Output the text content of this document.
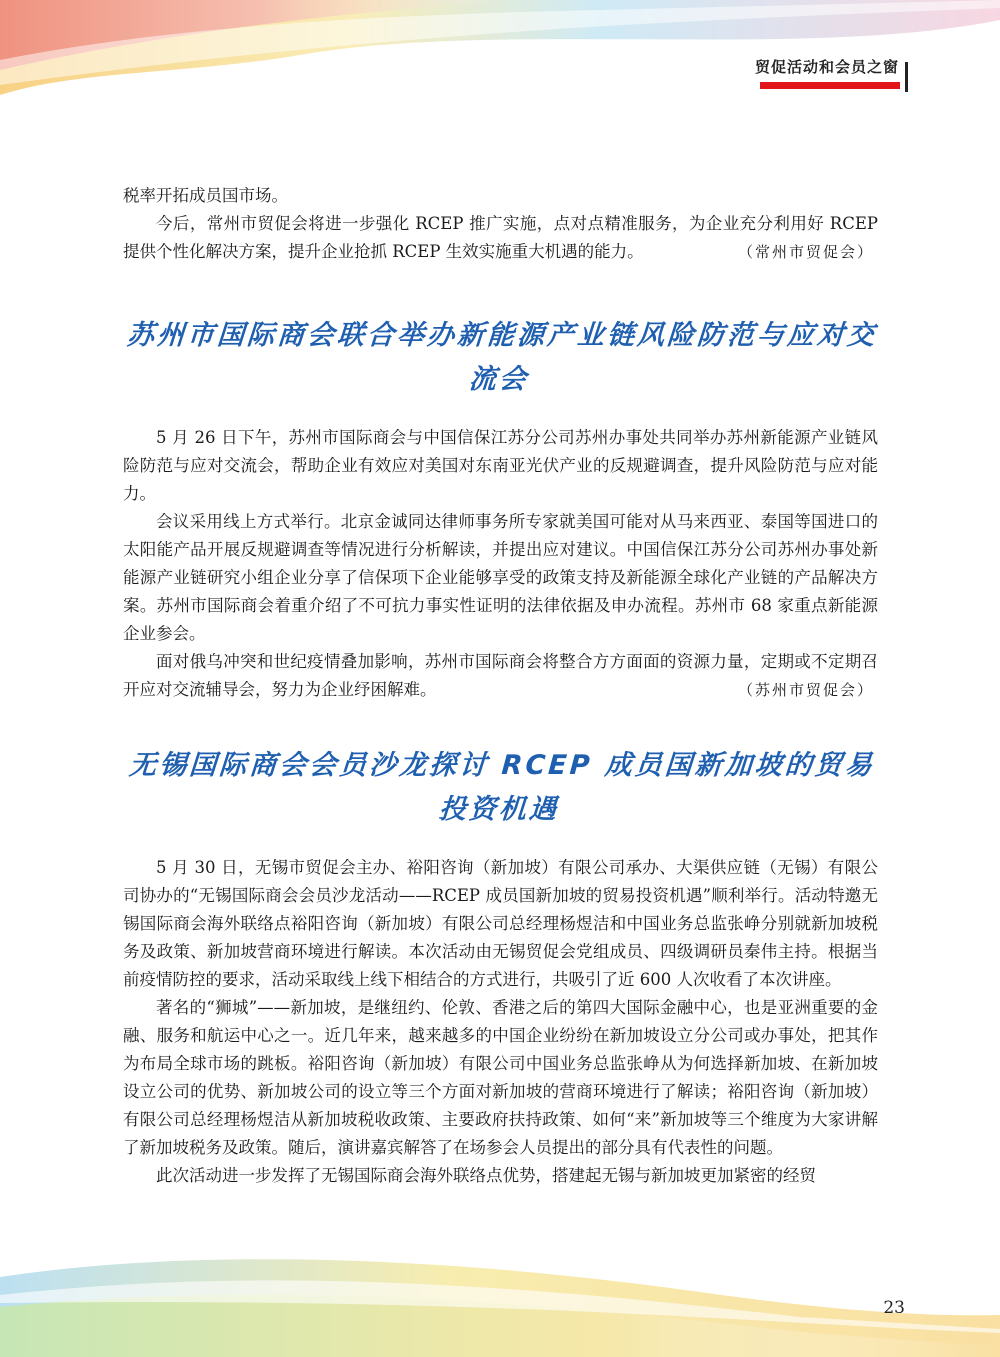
贸促活动和会员之窗

税率开拓成员国市场。

今后，常州市贸促会将进一步强化 RCEP 推广实施，点对点精准服务，为企业充分利用好 RCEP 提供个性化解决方案，提升企业抢抓 RCEP 生效实施重大机遇的能力。	（常州市贸促会）

苏州市国际商会联合举办新能源产业链风险防范与应对交流会

5 月 26 日下午，苏州市国际商会与中国信保江苏分公司苏州办事处共同举办苏州新能源产业链风险防范与应对交流会，帮助企业有效应对美国对东南亚光伏产业的反规避调查，提升风险防范与应对能力。

会议采用线上方式举行。北京金诚同达律师事务所专家就美国可能对从马来西亚、泰国等国进口的太阳能产品开展反规避调查等情况进行分析解读，并提出应对建议。中国信保江苏分公司苏州办事处新能源产业链研究小组企业分享了信保项下企业能够享受的政策支持及新能源全球化产业链的产品解决方案。苏州市国际商会着重介绍了不可抗力事实性证明的法律依据及申办流程。苏州市 68 家重点新能源企业参会。

面对俄乌冲突和世纪疫情叠加影响，苏州市国际商会将整合方方面面的资源力量，定期或不定期召开应对交流辅导会，努力为企业纾困解难。	（苏州市贸促会）

无锡国际商会会员沙龙探讨 RCEP 成员国新加坡的贸易投资机遇

5 月 30 日，无锡市贸促会主办、裕阳咨询（新加坡）有限公司承办、大渠供应链（无锡）有限公司协办的“无锡国际商会会员沙龙活动——RCEP 成员国新加坡的贸易投资机遇”顺利举行。活动特邀无锡国际商会海外联络点裕阳咨询（新加坡）有限公司总经理杨煜洁和中国业务总监张峥分别就新加坡税务及政策、新加坡营商环境进行解读。本次活动由无锡贸促会党组成员、四级调研员秦伟主持。根据当前疫情防控的要求，活动采取线上线下相结合的方式进行，共吸引了近 600 人次收看了本次讲座。

著名的“狮城”——新加坡，是继纽约、伦敦、香港之后的第四大国际金融中心，也是亚洲重要的金融、服务和航运中心之一。近几年来，越来越多的中国企业纷纷在新加坡设立分公司或办事处，把其作为布局全球市场的跳板。裕阳咨询（新加坡）有限公司中国业务总监张峥从为何选择新加坡、在新加坡设立公司的优势、新加坡公司的设立等三个方面对新加坡的营商环境进行了解读；裕阳咨询（新加坡）有限公司总经理杨煜洁从新加坡税收政策、主要政府扶持政策、如何“来”新加坡等三个维度为大家讲解了新加坡税务及政策。随后，演讲嘉宾解答了在场参会人员提出的部分具有代表性的问题。

此次活动进一步发挥了无锡国际商会海外联络点优势，搭建起无锡与新加坡更加紧密的经贸

23
